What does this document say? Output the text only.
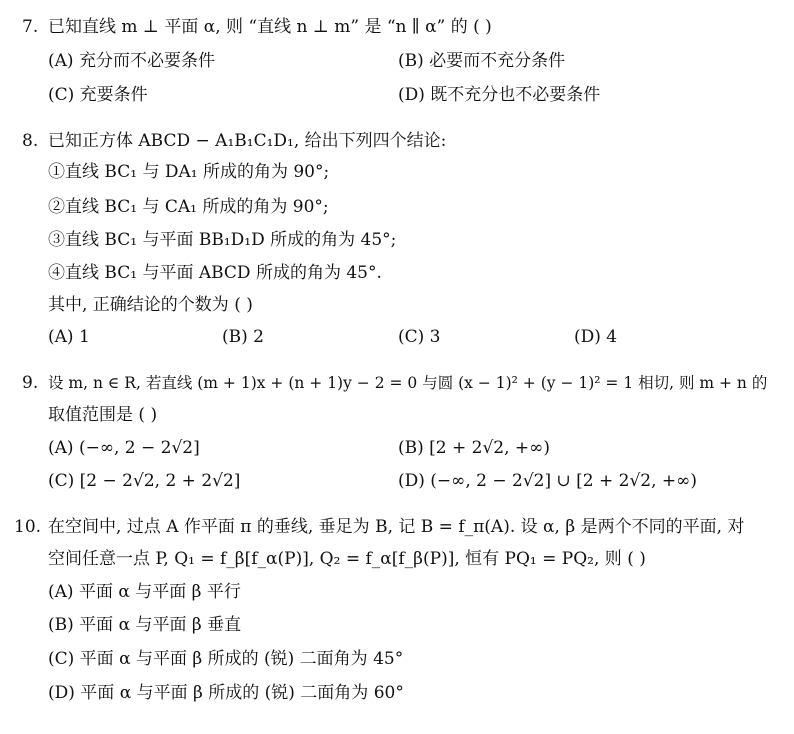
7. 已知直线 m ⊥ 平面 α, 则 “直线 n ⊥ m” 是 “n ∥ α” 的 ( )
(A) 充分而不必要条件	(B) 必要而不充分条件
(C) 充要条件	(D) 既不充分也不必要条件
8. 已知正方体 ABCD − A₁B₁C₁D₁, 给出下列四个结论:
①直线 BC₁ 与 DA₁ 所成的角为 90°;
②直线 BC₁ 与 CA₁ 所成的角为 90°;
③直线 BC₁ 与平面 BB₁D₁D 所成的角为 45°;
④直线 BC₁ 与平面 ABCD 所成的角为 45°.
其中, 正确结论的个数为 ( )
(A) 1	(B) 2	(C) 3	(D) 4
9. 设 m, n ∈ R, 若直线 (m + 1)x + (n + 1)y − 2 = 0 与圆 (x − 1)² + (y − 1)² = 1 相切, 则 m + n 的
取值范围是 ( )
(A) (−∞, 2 − 2√2]	(B) [2 + 2√2, +∞)
(C) [2 − 2√2, 2 + 2√2]	(D) (−∞, 2 − 2√2] ∪ [2 + 2√2, +∞)
10. 在空间中, 过点 A 作平面 π 的垂线, 垂足为 B, 记 B = f_π(A). 设 α, β 是两个不同的平面, 对
空间任意一点 P, Q₁ = f_β[f_α(P)], Q₂ = f_α[f_β(P)], 恒有 PQ₁ = PQ₂, 则 ( )
(A) 平面 α 与平面 β 平行
(B) 平面 α 与平面 β 垂直
(C) 平面 α 与平面 β 所成的 (锐) 二面角为 45°
(D) 平面 α 与平面 β 所成的 (锐) 二面角为 60°
